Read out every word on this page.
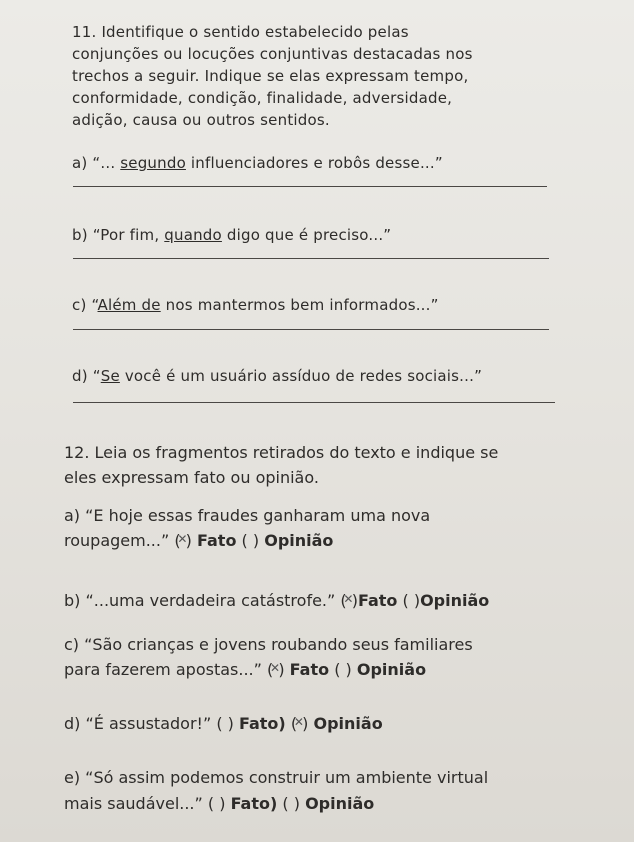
11. Identifique o sentido estabelecido pelas

conjunções ou locuções conjuntivas destacadas nos

trechos a seguir. Indique se elas expressam tempo,

conformidade, condição, finalidade, adversidade,

adição, causa ou outros sentidos.

a) “... segundo influenciadores e robôs desse...”

b) “Por fim, quando digo que é preciso...”

c) “Além de nos mantermos bem informados...”

d) “Se você é um usuário assíduo de redes sociais...”

12. Leia os fragmentos retirados do texto e indique se

eles expressam fato ou opinião.

a) “E hoje essas fraudes ganharam uma nova

roupagem...” ( ) ✕ Fato ( ) Opinião

b) “...uma verdadeira catástrofe.” ( ) ✕Fato ( )Opinião

c) “São crianças e jovens roubando seus familiares

para fazerem apostas...” ( ) ✕ Fato ( ) Opinião

d) “É assustador!” ( ) Fato) ( ) ✕ Opinião

e) “Só assim podemos construir um ambiente virtual

mais saudável...” ( ) Fato) ( ) Opinião
